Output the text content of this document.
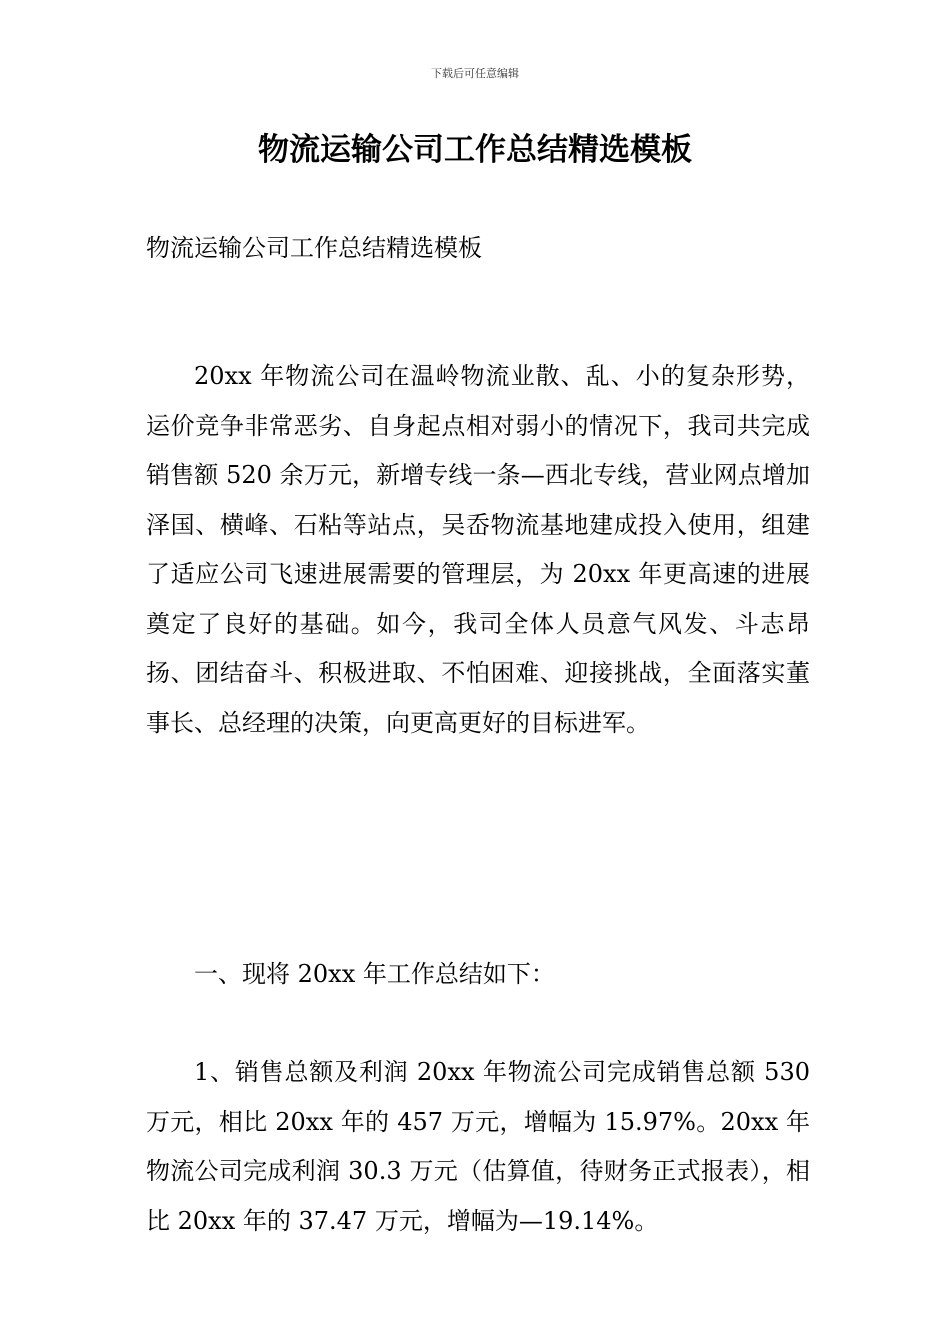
下载后可任意编辑
物流运输公司工作总结精选模板
物流运输公司工作总结精选模板

20xx 年物流公司在温岭物流业散、乱、小的复杂形势，运价竞争非常恶劣、自身起点相对弱小的情况下，我司共完成销售额 520 余万元，新增专线一条—西北专线，营业网点增加泽国、横峰、石粘等站点，吴岙物流基地建成投入使用，组建了适应公司飞速进展需要的管理层，为 20xx 年更高速的进展奠定了良好的基础。如今，我司全体人员意气风发、斗志昂扬、团结奋斗、积极进取、不怕困难、迎接挑战，全面落实董事长、总经理的决策，向更高更好的目标进军。

一、现将 20xx 年工作总结如下：

1、销售总额及利润 20xx 年物流公司完成销售总额 530 万元，相比 20xx 年的 457 万元，增幅为 15.97%。20xx 年物流公司完成利润 30.3 万元（估算值，待财务正式报表），相比 20xx 年的 37.47 万元，增幅为—19.14%。
